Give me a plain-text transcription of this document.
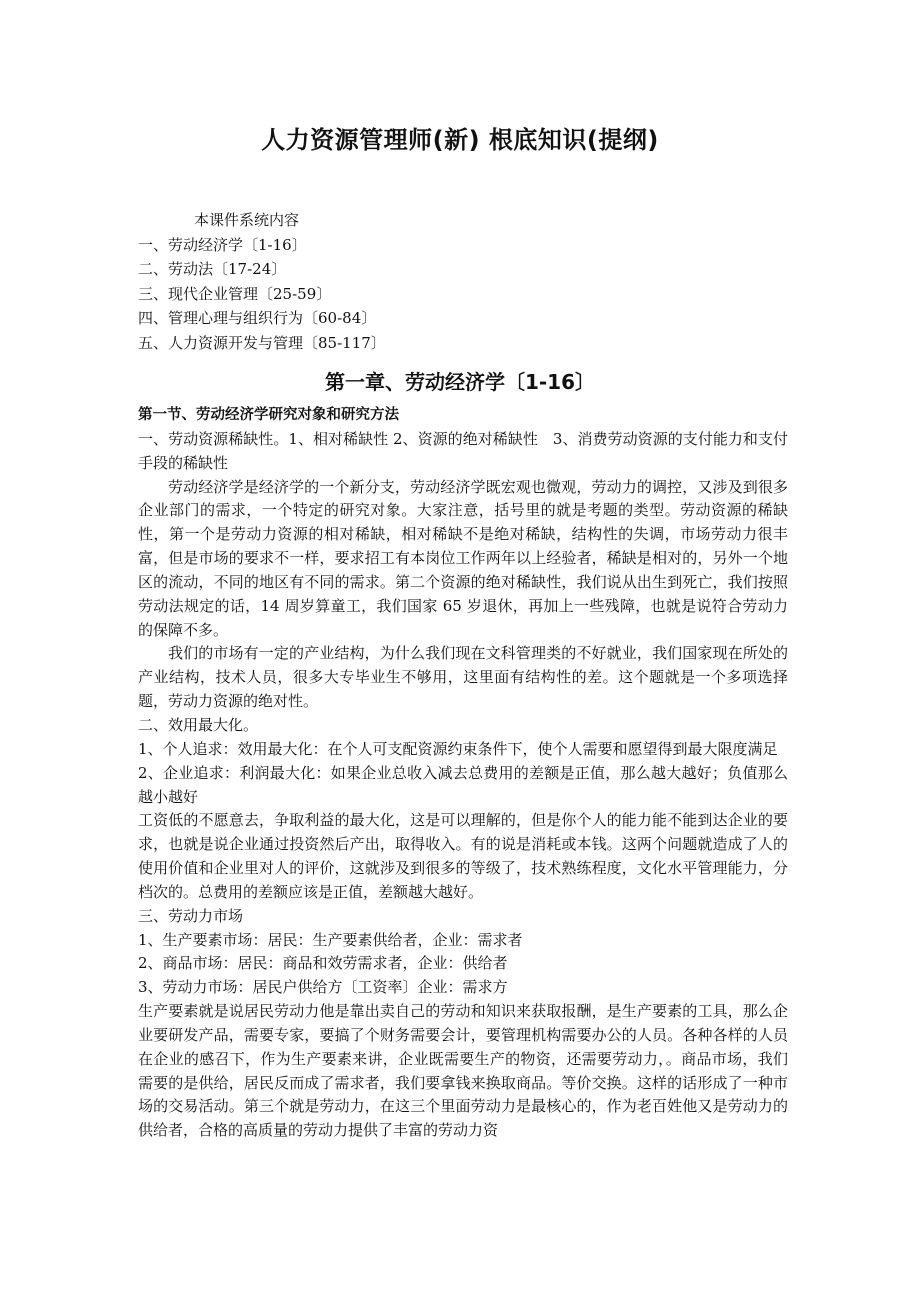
人力资源管理师(新) 根底知识(提纲)
本课件系统内容
一、劳动经济学〔1-16〕
二、劳动法〔17-24〕
三、现代企业管理〔25-59〕
四、管理心理与组织行为〔60-84〕
五、人力资源开发与管理〔85-117〕
第一章、劳动经济学〔1-16〕

第一节、劳动经济学研究对象和研究方法

一、劳动资源稀缺性。1、相对稀缺性 2、资源的绝对稀缺性　3、消费劳动资源的支付能力和支付手段的稀缺性

劳动经济学是经济学的一个新分支，劳动经济学既宏观也微观，劳动力的调控，又涉及到很多企业部门的需求，一个特定的研究对象。大家注意，括号里的就是考题的类型。劳动资源的稀缺性，第一个是劳动力资源的相对稀缺，相对稀缺不是绝对稀缺，结构性的失调，市场劳动力很丰富，但是市场的要求不一样，要求招工有本岗位工作两年以上经验者，稀缺是相对的，另外一个地区的流动，不同的地区有不同的需求。第二个资源的绝对稀缺性，我们说从出生到死亡，我们按照劳动法规定的话，14 周岁算童工，我们国家 65 岁退休，再加上一些残障，也就是说符合劳动力的保障不多。

我们的市场有一定的产业结构，为什么我们现在文科管理类的不好就业，我们国家现在所处的产业结构，技术人员，很多大专毕业生不够用，这里面有结构性的差。这个题就是一个多项选择题，劳动力资源的绝对性。

二、效用最大化。

1、个人追求：效用最大化：在个人可支配资源约束条件下，使个人需要和愿望得到最大限度满足

2、企业追求：利润最大化：如果企业总收入减去总费用的差额是正值，那么越大越好；负值那么越小越好

工资低的不愿意去，争取利益的最大化，这是可以理解的，但是你个人的能力能不能到达企业的要求，也就是说企业通过投资然后产出，取得收入。有的说是消耗或本钱。这两个问题就造成了人的使用价值和企业里对人的评价，这就涉及到很多的等级了，技术熟练程度，文化水平管理能力，分档次的。总费用的差额应该是正值，差额越大越好。

三、劳动力市场

1、生产要素市场：居民：生产要素供给者，企业：需求者

2、商品市场：居民：商品和效劳需求者，企业：供给者

3、劳动力市场：居民户供给方〔工资率〕企业：需求方

生产要素就是说居民劳动力他是靠出卖自己的劳动和知识来获取报酬，是生产要素的工具，那么企业要研发产品，需要专家，要搞了个财务需要会计，要管理机构需要办公的人员。各种各样的人员在企业的感召下，作为生产要素来讲，企业既需要生产的物资，还需要劳动力，。商品市场，我们需要的是供给，居民反而成了需求者，我们要拿钱来换取商品。等价交换。这样的话形成了一种市场的交易活动。第三个就是劳动力，在这三个里面劳动力是最核心的，作为老百姓他又是劳动力的供给者，合格的高质量的劳动力提供了丰富的劳动力资
